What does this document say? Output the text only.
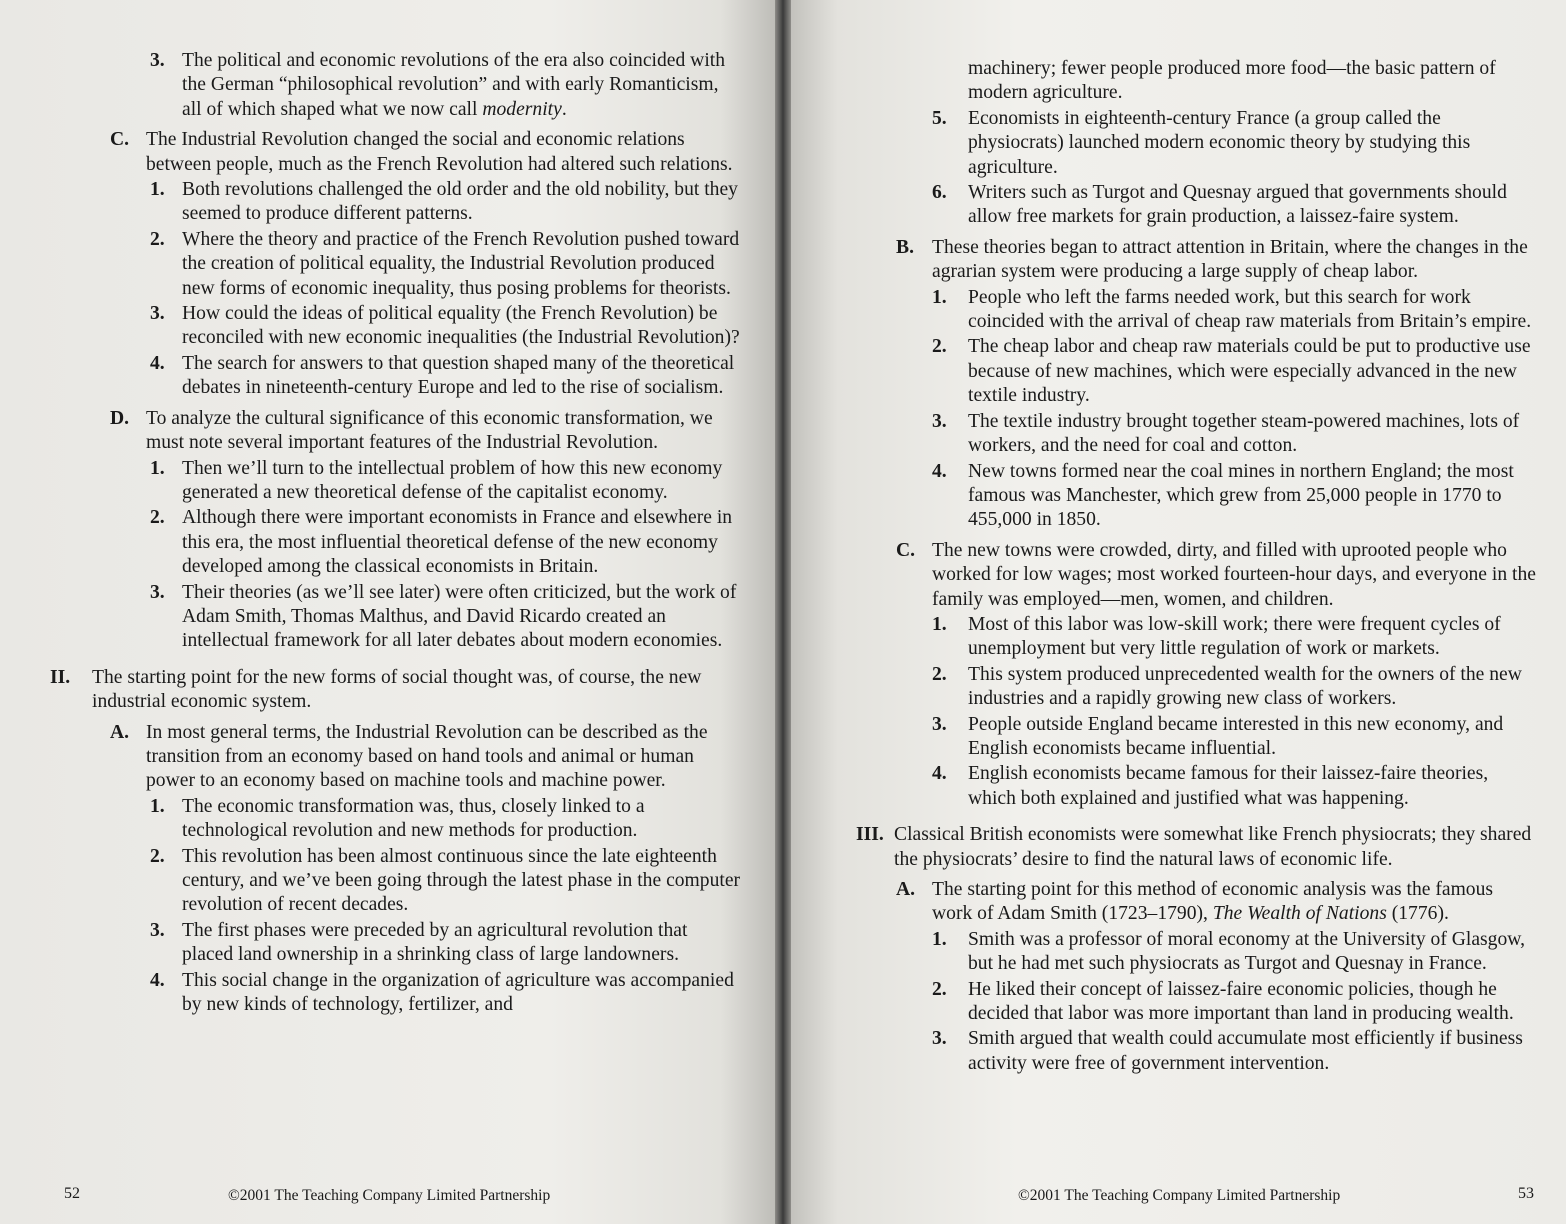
3. The political and economic revolutions of the era also coincided with the German “philosophical revolution” and with early Romanticism, all of which shaped what we now call modernity.
C. The Industrial Revolution changed the social and economic relations between people, much as the French Revolution had altered such relations.
1. Both revolutions challenged the old order and the old nobility, but they seemed to produce different patterns.
2. Where the theory and practice of the French Revolution pushed toward the creation of political equality, the Industrial Revolution produced new forms of economic inequality, thus posing problems for theorists.
3. How could the ideas of political equality (the French Revolution) be reconciled with new economic inequalities (the Industrial Revolution)?
4. The search for answers to that question shaped many of the theoretical debates in nineteenth-century Europe and led to the rise of socialism.
D. To analyze the cultural significance of this economic transformation, we must note several important features of the Industrial Revolution.
1. Then we’ll turn to the intellectual problem of how this new economy generated a new theoretical defense of the capitalist economy.
2. Although there were important economists in France and elsewhere in this era, the most influential theoretical defense of the new economy developed among the classical economists in Britain.
3. Their theories (as we’ll see later) were often criticized, but the work of Adam Smith, Thomas Malthus, and David Ricardo created an intellectual framework for all later debates about modern economies.
II. The starting point for the new forms of social thought was, of course, the new industrial economic system.
A. In most general terms, the Industrial Revolution can be described as the transition from an economy based on hand tools and animal or human power to an economy based on machine tools and machine power.
1. The economic transformation was, thus, closely linked to a technological revolution and new methods for production.
2. This revolution has been almost continuous since the late eighteenth century, and we’ve been going through the latest phase in the computer revolution of recent decades.
3. The first phases were preceded by an agricultural revolution that placed land ownership in a shrinking class of large landowners.
4. This social change in the organization of agriculture was accompanied by new kinds of technology, fertilizer, and
52	©2001 The Teaching Company Limited Partnership
machinery; fewer people produced more food—the basic pattern of modern agriculture.
5. Economists in eighteenth-century France (a group called the physiocrats) launched modern economic theory by studying this agriculture.
6. Writers such as Turgot and Quesnay argued that governments should allow free markets for grain production, a laissez-faire system.
B. These theories began to attract attention in Britain, where the changes in the agrarian system were producing a large supply of cheap labor.
1. People who left the farms needed work, but this search for work coincided with the arrival of cheap raw materials from Britain’s empire.
2. The cheap labor and cheap raw materials could be put to productive use because of new machines, which were especially advanced in the new textile industry.
3. The textile industry brought together steam-powered machines, lots of workers, and the need for coal and cotton.
4. New towns formed near the coal mines in northern England; the most famous was Manchester, which grew from 25,000 people in 1770 to 455,000 in 1850.
C. The new towns were crowded, dirty, and filled with uprooted people who worked for low wages; most worked fourteen-hour days, and everyone in the family was employed—men, women, and children.
1. Most of this labor was low-skill work; there were frequent cycles of unemployment but very little regulation of work or markets.
2. This system produced unprecedented wealth for the owners of the new industries and a rapidly growing new class of workers.
3. People outside England became interested in this new economy, and English economists became influential.
4. English economists became famous for their laissez-faire theories, which both explained and justified what was happening.
III. Classical British economists were somewhat like French physiocrats; they shared the physiocrats’ desire to find the natural laws of economic life.
A. The starting point for this method of economic analysis was the famous work of Adam Smith (1723–1790), The Wealth of Nations (1776).
1. Smith was a professor of moral economy at the University of Glasgow, but he had met such physiocrats as Turgot and Quesnay in France.
2. He liked their concept of laissez-faire economic policies, though he decided that labor was more important than land in producing wealth.
3. Smith argued that wealth could accumulate most efficiently if business activity were free of government intervention.
53
©2001 The Teaching Company Limited Partnership
